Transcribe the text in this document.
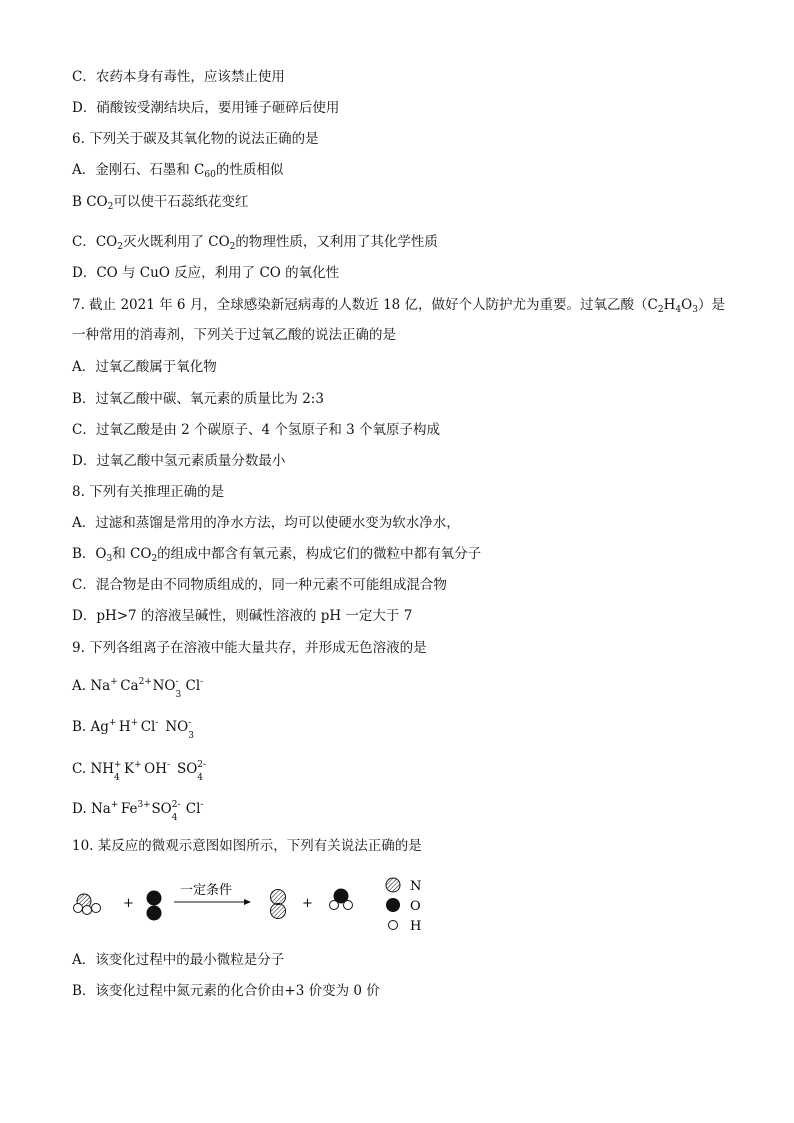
C．农药本身有毒性，应该禁止使用
D．硝酸铵受潮结块后，要用锤子砸碎后使用
6. 下列关于碳及其氧化物的说法正确的是
A．金刚石、石墨和 $C_{60}$的性质相似
B $CO_2$可以使干石蕊纸花变红
C．$CO_2$灭火既利用了 $CO_2$的物理性质，又利用了其化学性质
D．CO 与 CuO 反应，利用了 CO 的氧化性
7. 截止 2021 年 6 月，全球感染新冠病毒的人数近 18 亿，做好个人防护尤为重要。过氧乙酸$(C_2H_4O_3)$是
一种常用的消毒剂，下列关于过氧乙酸的说法正确的是
A．过氧乙酸属于氧化物
B．过氧乙酸中碳、氧元素的质量比为 2:3
C．过氧乙酸是由 2 个碳原子、4 个氢原子和 3 个氧原子构成
D．过氧乙酸中氢元素质量分数最小
8. 下列有关推理正确的是
A．过滤和蒸馏是常用的净水方法，均可以使硬水变为软水净水，
B．$O_3$和 $CO_2$的组成中都含有氧元素，构成它们的微粒中都有氧分子
C．混合物是由不同物质组成的，同一种元素不可能组成混合物
D．pH>7 的溶液呈碱性，则碱性溶液的 pH 一定大于 7
9. 下列各组离子在溶液中能大量共存，并形成无色溶液的是
A. Na + Ca 2+ NO -
3
Cl -
B. Ag + H + Cl - NO -
3
C. NH +
4
K + OH - SO 2-
4
D. Na + Fe 3+ SO 2-
4
Cl -
10. 某反应的微观示意图如图所示，下列有关说法正确的是
+
一定条件
+
N
O
H
A．该变化过程中的最小微粒是分子
B．该变化过程中氮元素的化合价由+3 价变为 0 价
